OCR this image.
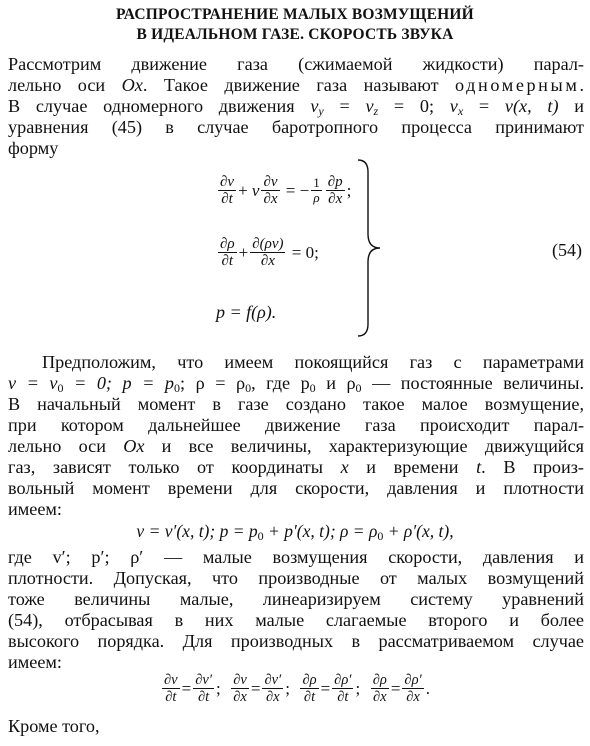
РАСПРОСТРАНЕНИЕ МАЛЫХ ВОЗМУЩЕНИЙ
В ИДЕАЛЬНОМ ГАЗЕ. СКОРОСТЬ ЗВУКА
Рассмотрим движение газа (сжимаемой жидкости) парал-
лельно оси Ox. Такое движение газа называют одномерным.
В случае одномерного движения $v_y = v_z = 0$; $v_x = v(x$, t) и
уравнения (45) в случае баротропного процесса принимают
форму
$\frac{\partial v}{\partial t}$ +
v $\frac{\partial v}{\partial x}$
= − $\frac{1}{\rho} \frac{\partial p}{\partial x}$ ;
$\frac{\partial\rho}{\partial t} + \frac{\partial(\rho v)}{\partial x}$
= 0;
p = f(ρ).
(54)
Предположим, что имеем покоящийся газ с параметрами
$v = v_0 = 0$; $p = p_0$; $\rho = \rho_0$, где $p_0$ и $\rho_0$ — постоянные величины.
В начальный момент в газе создано такое малое возмущение,
при котором дальнейшее движение газа происходит парал-
лельно оси Ox и все величины, характеризующие движущийся
газ, зависят только от координаты x и времени t. В произ-
вольный момент времени для скорости, давления и плотности
имеем:
v = v′(x, t); $p = p_0 + p'(x$, t); $\rho = \rho_0 + \rho'(x$, t),
где v′; p′; ρ′ — малые возмущения скорости, давления и
плотности. Допуская, что производные от малых возмущений
тоже величины малые, линеаризируем систему уравнений
(54), отбрасывая в них малые слагаемые второго и более
высокого порядка. Для производных в рассматриваемом случае
имеем:
$\frac{\partial v}{\partial t} = \frac{\partial v'}{\partial t}$ ;
$\frac{\partial v}{\partial x} = \frac{\partial v'}{\partial x}$ ;
$\frac{\partial\rho}{\partial t} = \frac{\partial\rho'}{\partial t}$ ;
$\frac{\partial\rho}{\partial x} = \frac{\partial\rho'}{\partial x}$ .
Кроме того,
